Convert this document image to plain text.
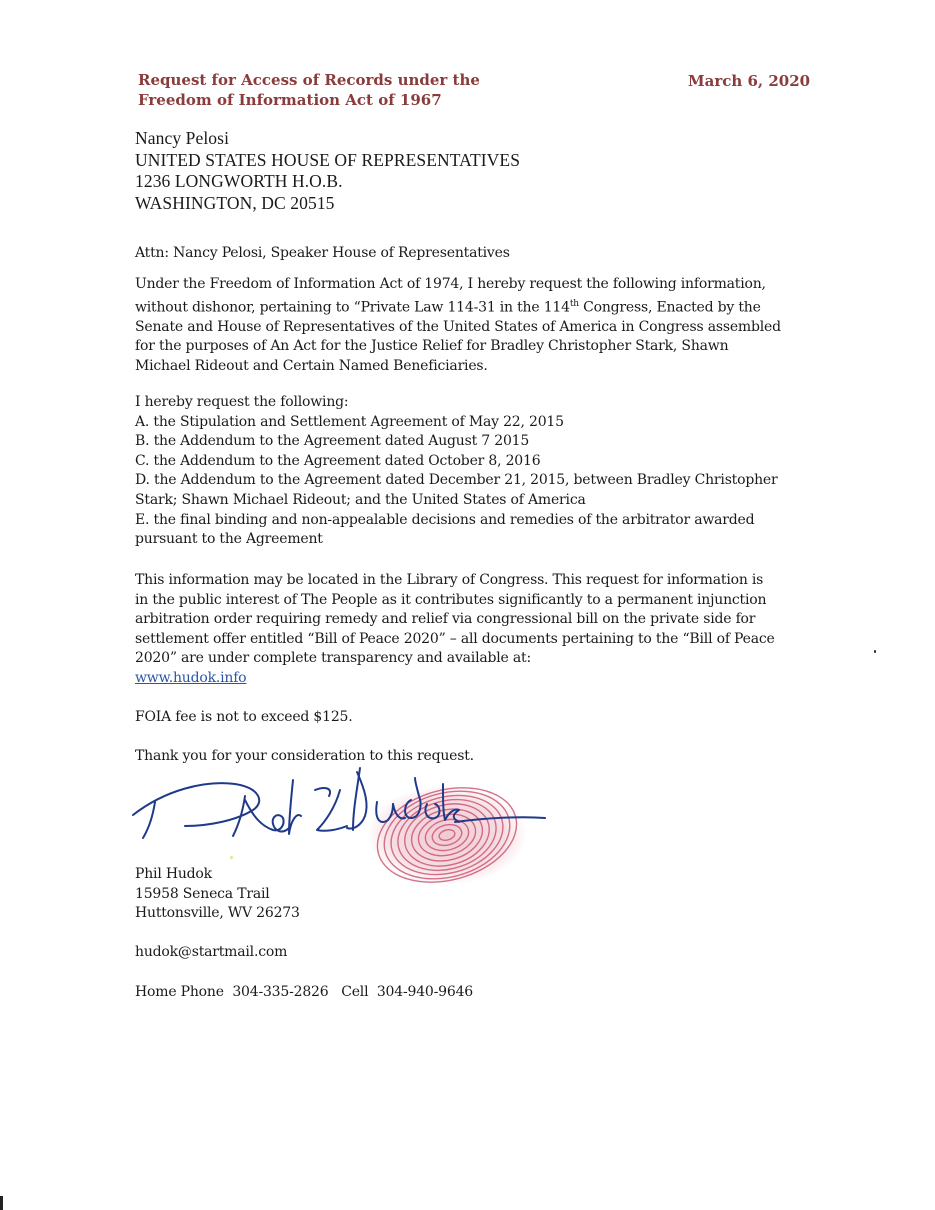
Request for Access of Records under the
Freedom of Information Act of 1967
March 6, 2020
Nancy Pelosi
UNITED STATES HOUSE OF REPRESENTATIVES
1236 LONGWORTH H.O.B.
WASHINGTON, DC 20515
Attn: Nancy Pelosi, Speaker House of Representatives
Under the Freedom of Information Act of 1974, I hereby request the following information,
without dishonor, pertaining to “Private Law 114-31 in the 114th Congress, Enacted by the
Senate and House of Representatives of the United States of America in Congress assembled
for the purposes of An Act for the Justice Relief for Bradley Christopher Stark, Shawn
Michael Rideout and Certain Named Beneficiaries.
I hereby request the following:
A. the Stipulation and Settlement Agreement of May 22, 2015
B. the Addendum to the Agreement dated August 7 2015
C. the Addendum to the Agreement dated October 8, 2016
D. the Addendum to the Agreement dated December 21, 2015, between Bradley Christopher
Stark; Shawn Michael Rideout; and the United States of America
E. the final binding and non-appealable decisions and remedies of the arbitrator awarded
pursuant to the Agreement
This information may be located in the Library of Congress. This request for information is
in the public interest of The People as it contributes significantly to a permanent injunction
arbitration order requiring remedy and relief via congressional bill on the private side for
settlement offer entitled “Bill of Peace 2020” – all documents pertaining to the “Bill of Peace
2020” are under complete transparency and available at:
www.hudok.info
FOIA fee is not to exceed $125.
Thank you for your consideration to this request.
Phil Hudok
15958 Seneca Trail
Huttonsville, WV 26273
hudok@startmail.com
Home Phone  304-335-2826   Cell  304-940-9646
